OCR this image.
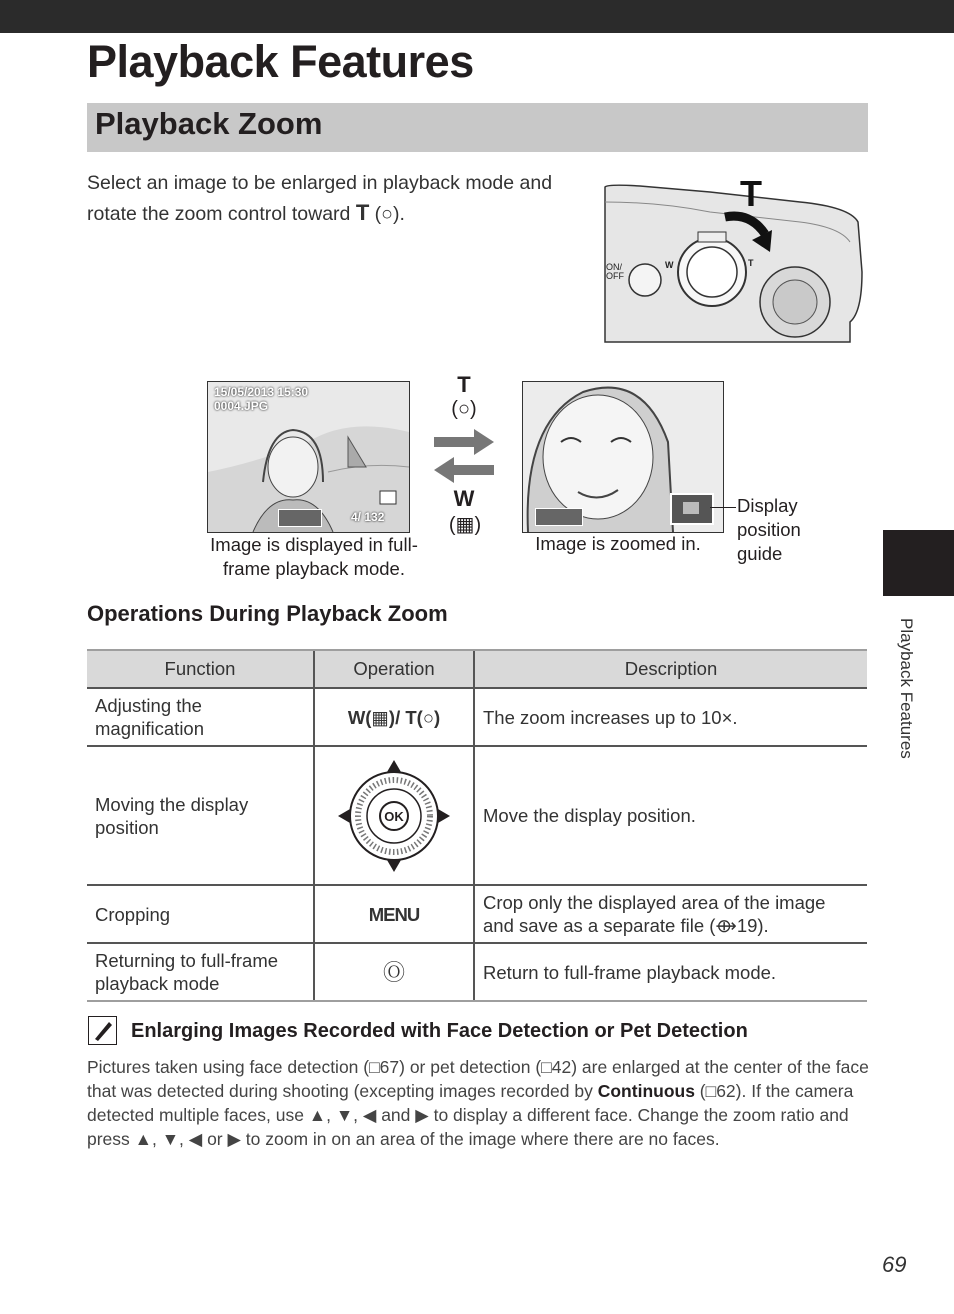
Playback Features
Playback Zoom
Select an image to be enlarged in playback mode and rotate the zoom control toward T (○).
ON/
OFF
W	T
T
15/05/2013 15:30
0004.JPG
4/ 132
T
(○)
W
(▦)
Image is displayed in full-frame playback mode.
Image is zoomed in.
Display position guide
Operations During Playback Zoom
Function	Operation	Description
Adjusting the magnification	W(▦)/ T(○)	The zoom increases up to 10×.
Moving the display position	OK	Move the display position.
Cropping	MENU	Crop only the displayed area of the image and save as a separate file (⟴19).
Returning to full-frame playback mode	Ⓞ	Return to full-frame playback mode.
Enlarging Images Recorded with Face Detection or Pet Detection
Pictures taken using face detection (□67) or pet detection (□42) are enlarged at the center of the face that was detected during shooting (excepting images recorded by Continuous (□62). If the camera detected multiple faces, use ▲, ▼, ◀ and ▶ to display a different face. Change the zoom ratio and press ▲, ▼, ◀ or ▶ to zoom in on an area of the image where there are no faces.
Playback Features
69
